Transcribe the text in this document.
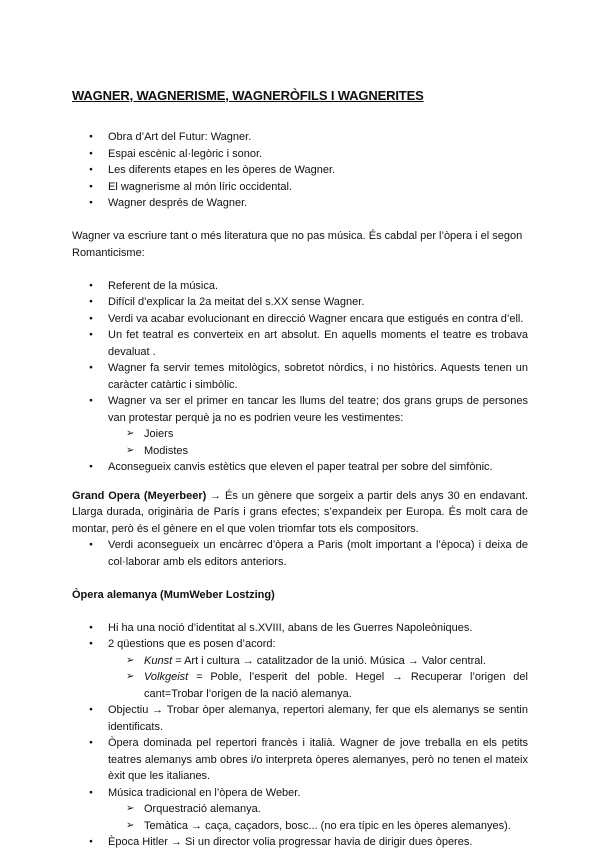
WAGNER, WAGNERISME, WAGNERÒFILS I WAGNERITES
● Obra d’Art del Futur: Wagner.
● Espai escènic al·legòric i sonor.
● Les diferents etapes en les òperes de Wagner.
● El wagnerisme al món líric occidental.
● Wagner després de Wagner.

Wagner va escriure tant o més literatura que no pas música. És cabdal per l’òpera i el segon Romanticisme:

● Referent de la música.
● Difícil d’explicar la 2a meitat del s.XX sense Wagner.
● Verdi va acabar evolucionant en direcció Wagner encara que estigués en contra d’ell.
● Un fet teatral es converteix en art absolut. En aquells moments el teatre es trobava devaluat .
● Wagner fa servir temes mitològics, sobretot nòrdics, i no històrics. Aquests tenen un caràcter catàrtic i simbòlic.
● Wagner va ser el primer en tancar les llums del teatre; dos grans grups de persones van protestar perquè ja no es podrien veure les vestimentes:
➢ Joiers
➢ Modistes
● Aconsegueix canvis estètics que eleven el paper teatral per sobre del simfònic.

Grand Opera (Meyerbeer) → És un gènere que sorgeix a partir dels anys 30 en endavant. Llarga durada, originària de París i grans efectes; s’expandeix per Europa. És molt cara de montar, però és el gènere en el que volen triomfar tots els compositors.

● Verdi aconsegueix un encàrrec d’òpera a Paris (molt important a l’època) i deixa de col·laborar amb els editors anteriors.

Òpera alemanya (MumWeber Lostzing)

● Hi ha una noció d’identitat al s.XVIII, abans de les Guerres Napoleòniques.
● 2 qüestions que es posen d’acord:
➢ Kunst = Art i cultura → catalitzador de la unió. Música → Valor central.
➢ Volkgeist = Poble, l’esperit del poble. Hegel → Recuperar l’origen del cant=Trobar l’origen de la nació alemanya.
● Objectiu → Trobar òper alemanya, repertori alemany, fer que els alemanys se sentin identificats.
● Òpera dominada pel repertori francès i italià. Wagner de jove treballa en els petits teatres alemanys amb obres i/o interpreta òperes alemanyes, però no tenen el mateix èxit que les italianes.
● Música tradicional en l’òpera de Weber.
➢ Orquestració alemanya.
➢ Temàtica → caça, caçadors, bosc... (no era típic en les òperes alemanyes).
● Època Hitler → Si un director volia progressar havia de dirigir dues òperes.
